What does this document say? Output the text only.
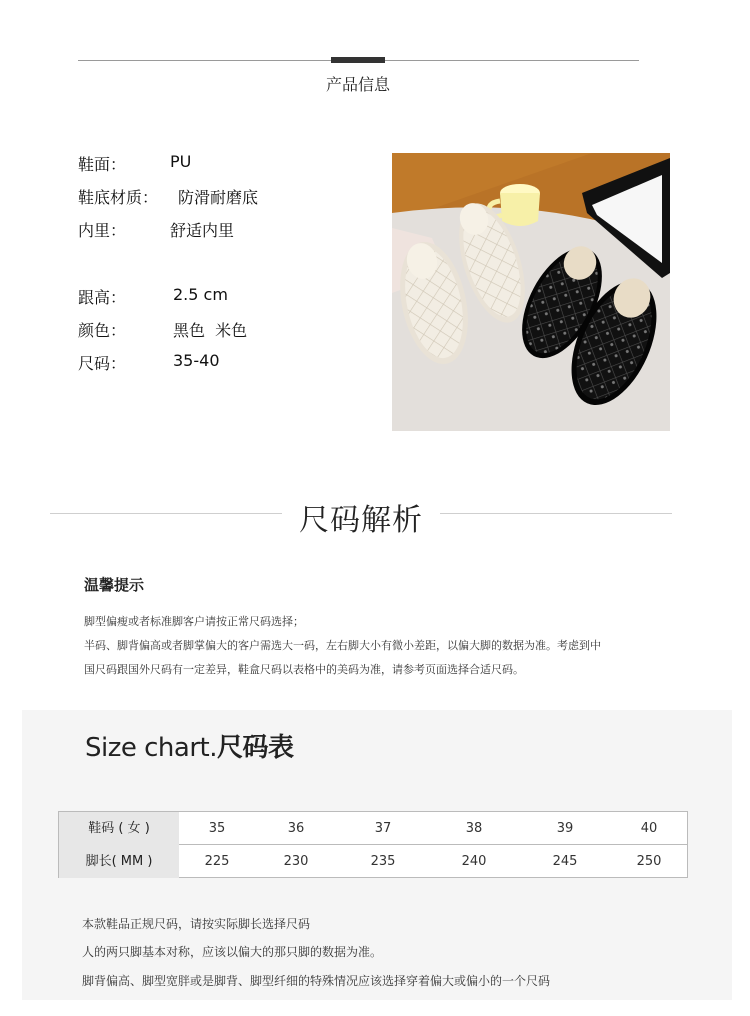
产品信息
鞋面：	PU
鞋底材质： 防滑耐磨底
内里：	舒适内里
跟高：	2.5 cm
颜色：	黑色  米色
尺码：	35-40
尺码解析
温馨提示
脚型偏瘦或者标准脚客户请按正常尺码选择；
半码、脚背偏高或者脚掌偏大的客户需选大一码，左右脚大小有微小差距，以偏大脚的数据为准。考虑到中
国尺码跟国外尺码有一定差异，鞋盒尺码以表格中的美码为准，请参考页面选择合适尺码。
Size chart.尺码表
鞋码 ( 女 )	35	36	37	38	39	40
脚长( MM )	225	230	235	240	245	250
本款鞋品正规尺码，请按实际脚长选择尺码
人的两只脚基本对称，应该以偏大的那只脚的数据为准。
脚背偏高、脚型宽胖或是脚背、脚型纤细的特殊情况应该选择穿着偏大或偏小的一个尺码
